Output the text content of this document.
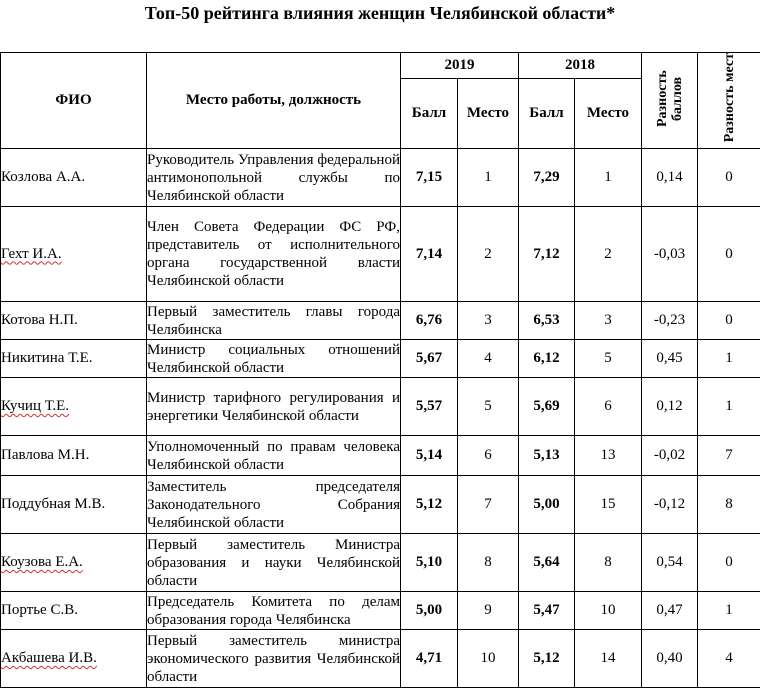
Топ-50 рейтинга влияния женщин Челябинской области*
ФИО	Место работы, должность	2019		2018		Разность баллов	Разность мест
		Балл	Место	Балл	Место		
Козлова А.А.	Руководитель Управления федеральной антимонопольной службы по Челябинской области	7,15	1	7,29	1	0,14	0
Гехт И.А.	Член Совета Федерации ФС РФ, представитель от исполнительного органа государственной власти Челябинской области	7,14	2	7,12	2	-0,03	0
Котова Н.П.	Первый заместитель главы города Челябинска	6,76	3	6,53	3	-0,23	0
Никитина Т.Е.	Министр социальных отношений Челябинской области	5,67	4	6,12	5	0,45	1
Кучиц Т.Е.	Министр тарифного регулирования и энергетики Челябинской области	5,57	5	5,69	6	0,12	1
Павлова М.Н.	Уполномоченный по правам человека Челябинской области	5,14	6	5,13	13	-0,02	7
Поддубная М.В.	Заместитель председателя Законодательного Собрания Челябинской области	5,12	7	5,00	15	-0,12	8
Коузова Е.А.	Первый заместитель Министра образования и науки Челябинской области	5,10	8	5,64	8	0,54	0
Портье С.В.	Председатель Комитета по делам образования города Челябинска	5,00	9	5,47	10	0,47	1
Акбашева И.В.	Первый заместитель министра экономического развития Челябинской области	4,71	10	5,12	14	0,40	4
